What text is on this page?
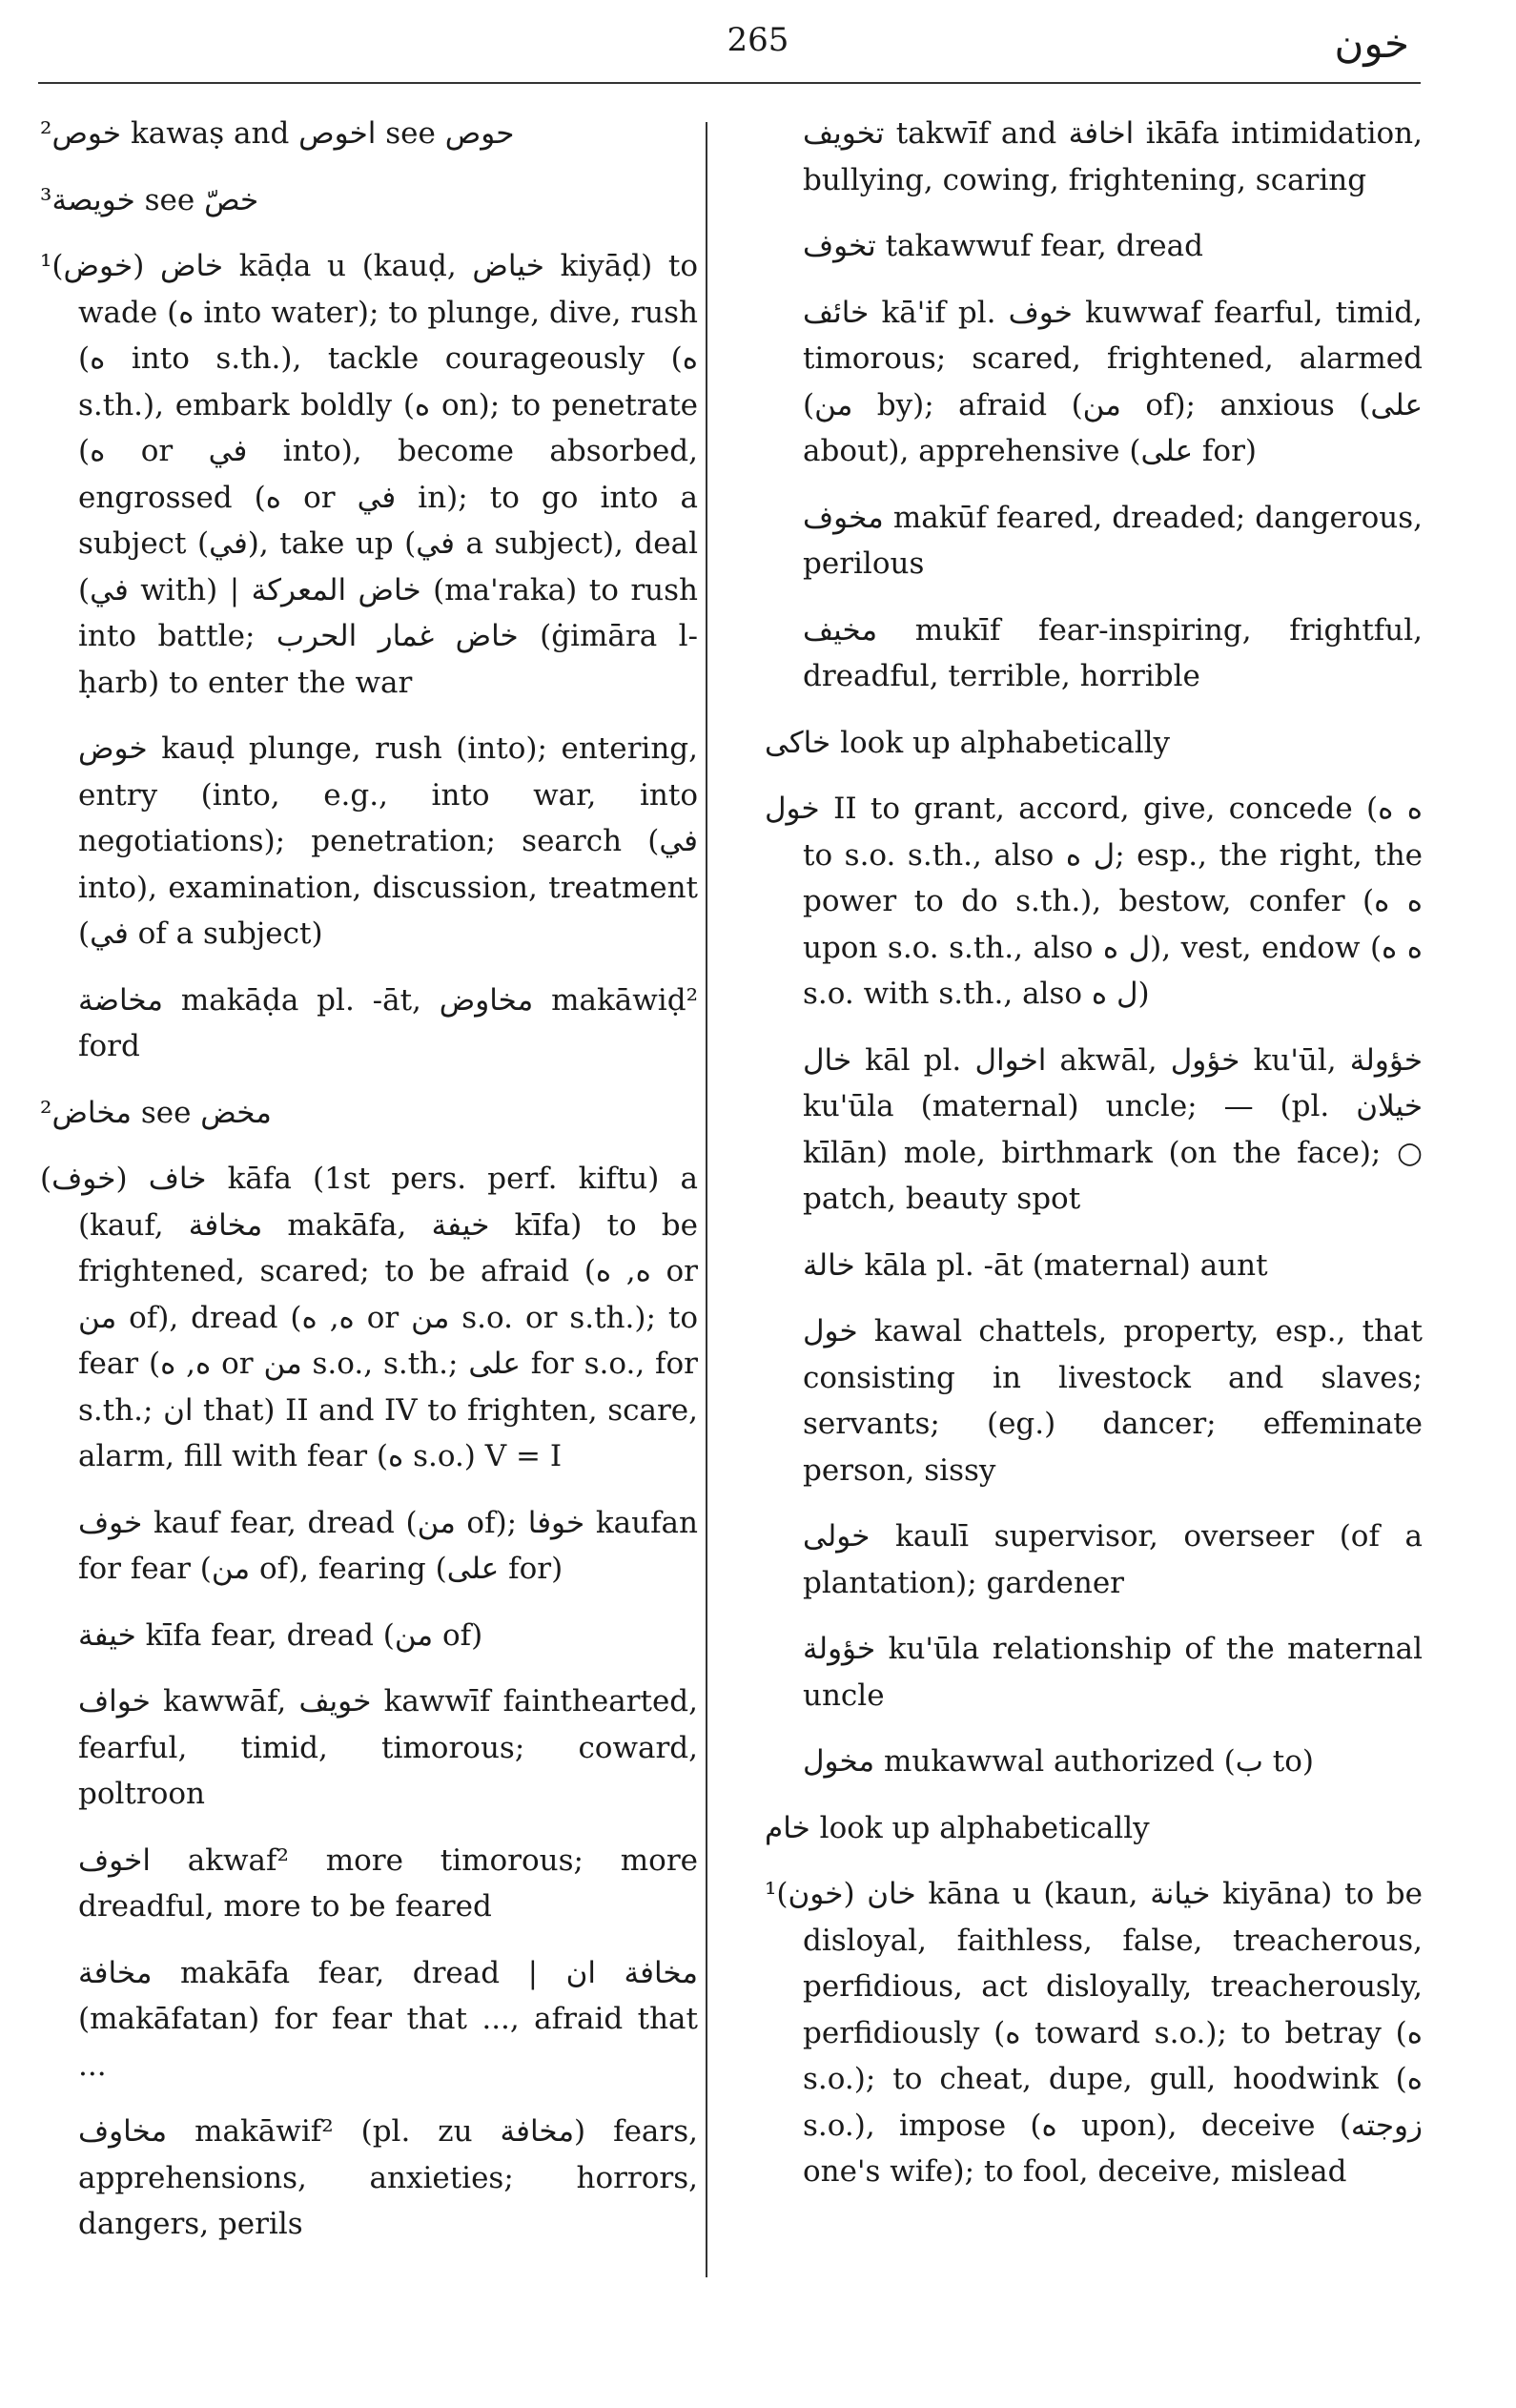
265	خون

²خوص kawaṣ and اخوص see حوص

³خويصة see خصّ

¹(خوض) خاض kāḍa u (kauḍ, خياض kiyāḍ) to wade (ه into water); to plunge, dive, rush (ه into s.th.), tackle courageously (ه s.th.), embark boldly (ه on); to penetrate (ه or في into), become absorbed, engrossed (ه or في in); to go into a subject (في), take up (في a subject), deal (في with) | خاض المعركة (ma'raka) to rush into battle; خاض غمار الحرب (ġimāra l-ḥarb) to enter the war

خوض kauḍ plunge, rush (into); entering, entry (into, e.g., into war, into negotiations); penetration; search (في into), examination, discussion, treatment (في of a subject)

مخاضة makāḍa pl. -āt, مخاوض makāwiḍ² ford

²مخاض see مخض

(خوف) خاف kāfa (1st pers. perf. kiftu) a (kauf, مخافة makāfa, خيفة kīfa) to be frightened, scared; to be afraid (ه, ه or من of), dread (ه, ه or من s.o. or s.th.); to fear (ه, ه or من s.o., s.th.; على for s.o., for s.th.; ان that) II and IV to frighten, scare, alarm, fill with fear (ه s.o.) V = I

خوف kauf fear, dread (من of); خوفا kaufan for fear (من of), fearing (على for)

خيفة kīfa fear, dread (من of)

خواف kawwāf, خويف kawwīf fainthearted, fearful, timid, timorous; coward, poltroon

اخوف akwaf² more timorous; more dreadful, more to be feared

مخافة makāfa fear, dread | مخافة ان (makāfatan) for fear that ..., afraid that ...

مخاوف makāwif² (pl. zu مخافة) fears, apprehensions, anxieties; horrors, dangers, perils

تخويف takwīf and اخافة ikāfa intimidation, bullying, cowing, frightening, scaring

تخوف takawwuf fear, dread

خائف kā'if pl. خوف kuwwaf fearful, timid, timorous; scared, frightened, alarmed (من by); afraid (من of); anxious (على about), apprehensive (على for)

مخوف makūf feared, dreaded; dangerous, perilous

مخيف mukīf fear-inspiring, frightful, dreadful, terrible, horrible

خاكى look up alphabetically

خول II to grant, accord, give, concede (ه ه to s.o. s.th., also ل ه; esp., the right, the power to do s.th.), bestow, confer (ه ه upon s.o. s.th., also ل ه), vest, endow (ه ه s.o. with s.th., also ل ه)

خال kāl pl. اخوال akwāl, خؤول ku'ūl, خؤولة ku'ūla (maternal) uncle; — (pl. خيلان kīlān) mole, birthmark (on the face); ○ patch, beauty spot

خالة kāla pl. -āt (maternal) aunt

خول kawal chattels, property, esp., that consisting in livestock and slaves; servants; (eg.) dancer; effeminate person, sissy

خولى kaulī supervisor, overseer (of a plantation); gardener

خؤولة ku'ūla relationship of the maternal uncle

مخول mukawwal authorized (ب to)

خام look up alphabetically

¹(خون) خان kāna u (kaun, خيانة kiyāna) to be disloyal, faithless, false, treacherous, perfidious, act disloyally, treacherously, perfidiously (ه toward s.o.); to betray (ه s.o.); to cheat, dupe, gull, hoodwink (ه s.o.), impose (ه upon), deceive (زوجته one's wife); to fool, deceive, mislead
